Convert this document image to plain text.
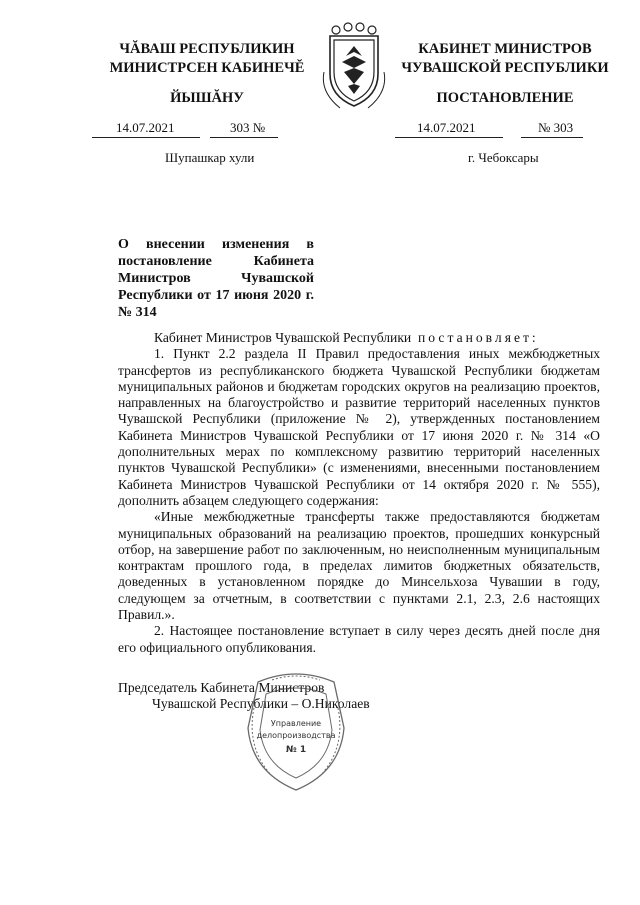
ЧĂВАШ РЕСПУБЛИКИН
МИНИСТРСЕН КАБИНЕЧĔ
КАБИНЕТ МИНИСТРОВ
ЧУВАШСКОЙ РЕСПУБЛИКИ
ЙЫШĂНУ	ПОСТАНОВЛЕНИЕ
14.07.2021	303 №	14.07.2021	№ 303
Шупашкар хули	г. Чебоксары
О внесении изменения в постановление Кабинета Министров Чувашской Республики от 17 июня 2020 г. № 314

Кабинет Министров Чувашской Республики постановляет:

1. Пункт 2.2 раздела II Правил предоставления иных межбюджетных трансфертов из республиканского бюджета Чувашской Республики бюджетам муниципальных районов и бюджетам городских округов на реализацию проектов, направленных на благоустройство и развитие территорий населенных пунктов Чувашской Республики (приложение № 2), утвержденных постановлением Кабинета Министров Чувашской Республики от 17 июня 2020 г. № 314 «О дополнительных мерах по комплексному развитию территорий населенных пунктов Чувашской Республики» (с изменениями, внесенными постановлением Кабинета Министров Чувашской Республики от 14 октября 2020 г. № 555), дополнить абзацем следующего содержания:

«Иные межбюджетные трансферты также предоставляются бюджетам муниципальных образований на реализацию проектов, прошедших конкурсный отбор, на завершение работ по заключенным, но неисполненным муниципальным контрактам прошлого года, в пределах лимитов бюджетных обязательств, доведенных в установленном порядке до Минсельхоза Чувашии в году, следующем за отчетным, в соответствии с пунктами 2.1, 2.3, 2.6 настоящих Правил.».

2. Настоящее постановление вступает в силу через десять дней после дня его официального опубликования.

Председатель Кабинета Министров
Чувашской Республики – О.Николаев
Управление
делопроизводства
№ 1
